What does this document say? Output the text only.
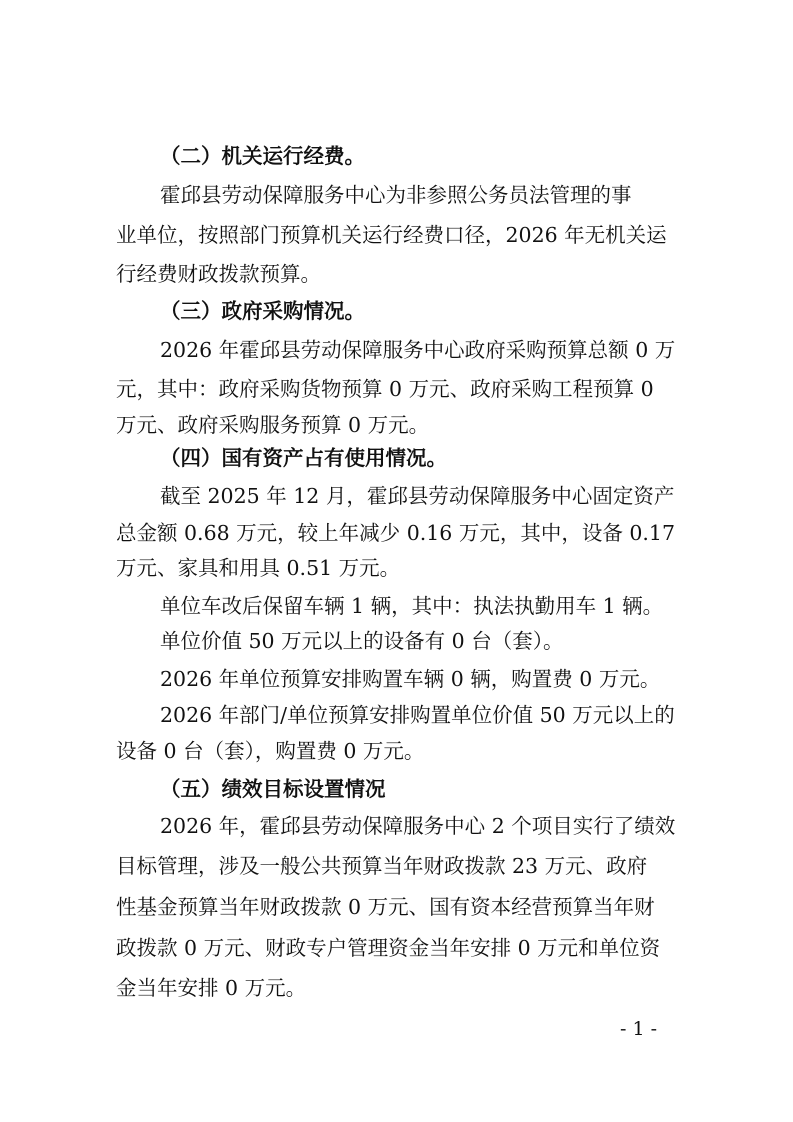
（二）机关运行经费。
霍邱县劳动保障服务中心为非参照公务员法管理的事
业单位，按照部门预算机关运行经费口径，2026 年无机关运
行经费财政拨款预算。
（三）政府采购情况。
2026 年霍邱县劳动保障服务中心政府采购预算总额 0 万
元，其中：政府采购货物预算 0 万元、政府采购工程预算 0
万元、政府采购服务预算 0 万元。
（四）国有资产占有使用情况。
截至 2025 年 12 月，霍邱县劳动保障服务中心固定资产
总金额 0.68 万元，较上年减少 0.16 万元，其中，设备 0.17
万元、家具和用具 0.51 万元。
单位车改后保留车辆 1 辆，其中：执法执勤用车 1 辆。
单位价值 50 万元以上的设备有 0 台（套）。
2026 年单位预算安排购置车辆 0 辆，购置费 0 万元。
2026 年部门/单位预算安排购置单位价值 50 万元以上的
设备 0 台（套），购置费 0 万元。
（五）绩效目标设置情况
2026 年，霍邱县劳动保障服务中心 2 个项目实行了绩效
目标管理，涉及一般公共预算当年财政拨款 23 万元、政府
性基金预算当年财政拨款 0 万元、国有资本经营预算当年财
政拨款 0 万元、财政专户管理资金当年安排 0 万元和单位资
金当年安排 0 万元。
- 1 -
